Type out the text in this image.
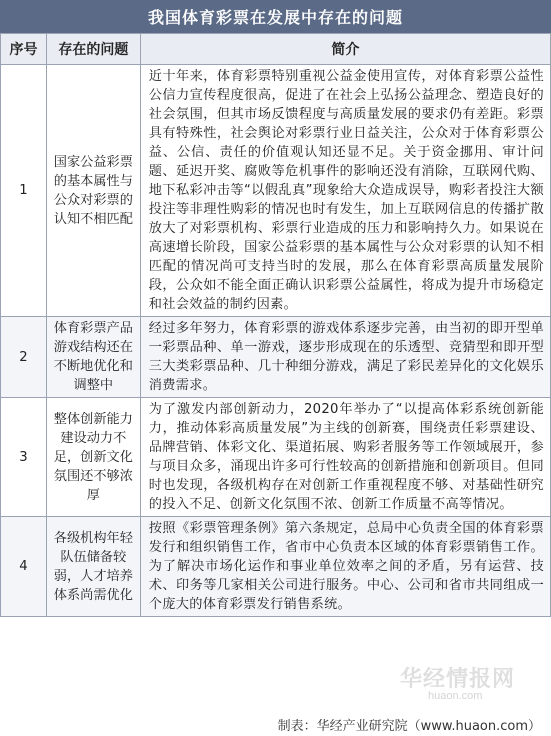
我国体育彩票在发展中存在的问题
序号	存在的问题	简介
1
国家公益彩票的基本属性与公众对彩票的认知不相匹配
近十年来，体育彩票特别重视公益金使用宣传，对体育彩票公益性公信力宣传程度很高，促进了在社会上弘扬公益理念、塑造良好的社会氛围，但其市场反馈程度与高质量发展的要求仍有差距。彩票具有特殊性，社会舆论对彩票行业日益关注，公众对于体育彩票公益、公信、责任的价值观认知还显不足。关于资金挪用、审计问题、延迟开奖、腐败等危机事件的影响还没有消除，互联网代购、地下私彩冲击等“以假乱真”现象给大众造成误导，购彩者投注大额投注等非理性购彩的情况也时有发生，加上互联网信息的传播扩散放大了对彩票机构、彩票行业造成的压力和影响持久力。如果说在高速增长阶段，国家公益彩票的基本属性与公众对彩票的认知不相匹配的情况尚可支持当时的发展，那么在体育彩票高质量发展阶段，公众如不能全面正确认识彩票公益属性，将成为提升市场稳定和社会效益的制约因素。
2
体育彩票产品游戏结构还在不断地优化和调整中
经过多年努力，体育彩票的游戏体系逐步完善，由当初的即开型单一彩票品种、单一游戏，逐步形成现在的乐透型、竞猜型和即开型三大类彩票品种、几十种细分游戏，满足了彩民差异化的文化娱乐消费需求。
3
整体创新能力建设动力不足，创新文化氛围还不够浓厚
为了激发内部创新动力，2020年举办了“以提高体彩系统创新能力，推动体彩高质量发展”为主线的创新赛，围绕责任彩票建设、品牌营销、体彩文化、渠道拓展、购彩者服务等工作领域展开，参与项目众多，涌现出许多可行性较高的创新措施和创新项目。但同时也发现，各级机构存在对创新工作重视程度不够、对基础性研究的投入不足、创新文化氛围不浓、创新工作质量不高等情况。
4
各级机构年轻队伍储备较弱，人才培养体系尚需优化
按照《彩票管理条例》第六条规定，总局中心负责全国的体育彩票发行和组织销售工作，省市中心负责本区域的体育彩票销售工作。为了解决市场化运作和事业单位效率之间的矛盾，另有运营、技术、印务等几家相关公司进行服务。中心、公司和省市共同组成一个庞大的体育彩票发行销售系统。
华经情报网
huaon.com
制表：华经产业研究院（www.huaon.com）
